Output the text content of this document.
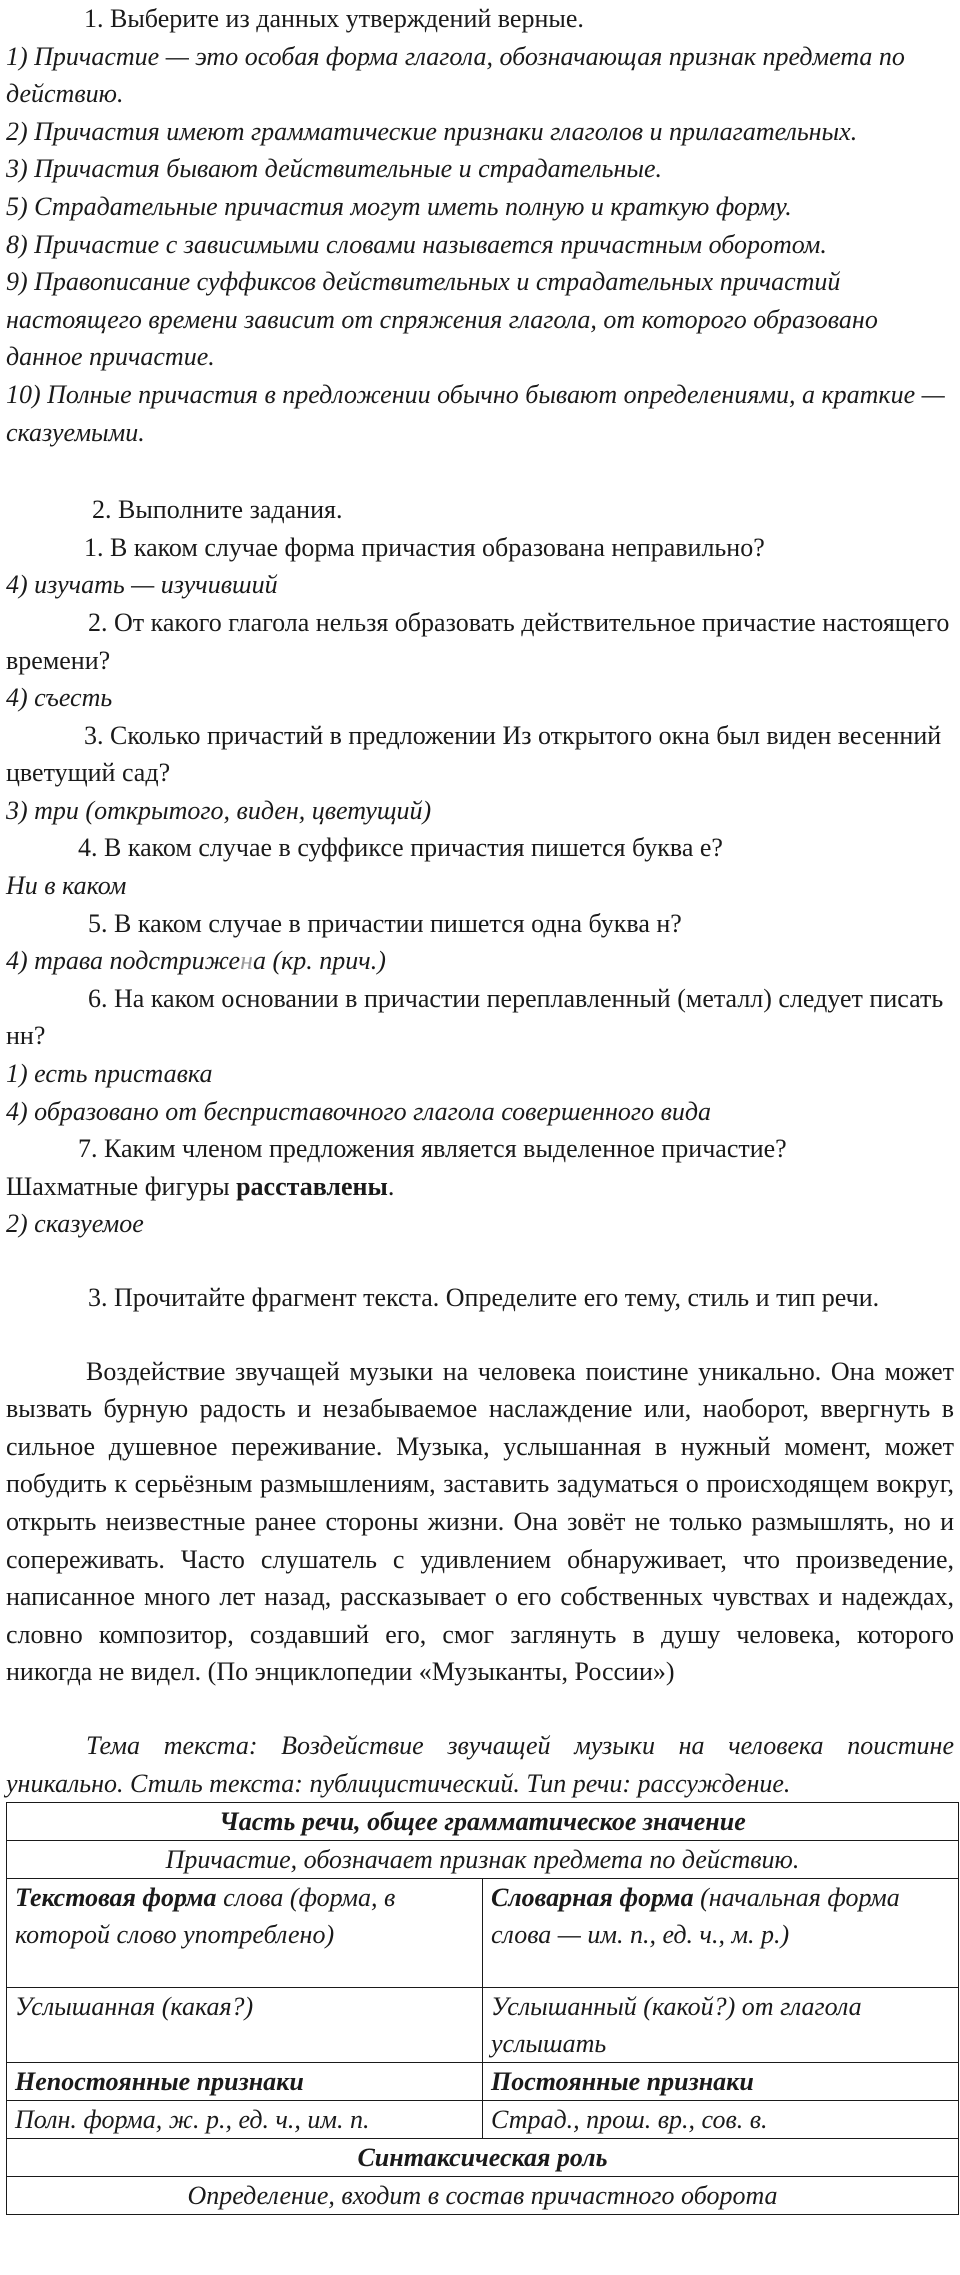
1. Выберите из данных утверждений верные.

1) Причастие — это особая форма глагола, обозначающая признак предмета по действию.

2) Причастия имеют грамматические признаки глаголов и прилагательных.

3) Причастия бывают действительные и страдательные.

5) Страдательные причастия могут иметь полную и краткую форму.

8) Причастие с зависимыми словами называется причастным оборотом.

9) Правописание суффиксов действительных и страдательных причастий настоящего времени зависит от спряжения глагола, от которого образовано данное причастие.

10) Полные причастия в предложении обычно бывают определениями, а краткие — сказуемыми.

2. Выполните задания.

1. В каком случае форма причастия образована неправильно?

4) изучать — изучивший

2. От какого глагола нельзя образовать действительное причастие настоящего времени?

4) съесть

3. Сколько причастий в предложении Из открытого окна был виден весенний цветущий сад?

3) три (открытого, виден, цветущий)

4. В каком случае в суффиксе причастия пишется буква е?

Ни в каком

5. В каком случае в причастии пишется одна буква н?

4) трава подстрижена (кр. прич.)

6. На каком основании в причастии переплавленный (металл) следует писать нн?

1) есть приставка

4) образовано от бесприставочного глагола совершенного вида

7. Каким членом предложения является выделенное причастие?

Шахматные фигуры расставлены.

2) сказуемое

3. Прочитайте фрагмент текста. Определите его тему, стиль и тип речи.

Воздействие звучащей музыки на человека поистине уникально. Она может вызвать бурную радость и незабываемое наслаждение или, наоборот, ввергнуть в сильное душевное переживание. Музыка, услышанная в нужный момент, может побудить к серьёзным размышлениям, заставить задуматься о происходящем вокруг, открыть неизвестные ранее стороны жизни. Она зовёт не только размышлять, но и сопереживать. Часто слушатель с удивлением обнаруживает, что произведение, написанное много лет назад, рассказывает о его собственных чувствах и надеждах, словно композитор, создавший его, смог заглянуть в душу человека, которого никогда не видел. (По энциклопедии «Музыканты, России»)

Тема текста: Воздействие звучащей музыки на человека поистине уникально. Стиль текста: публицистический. Тип речи: рассуждение.

Часть речи, общее грамматическое значение	
Причастие, обозначает признак предмета по действию.	
Текстовая форма слова (форма, в которой слово употреблено)	Словарная форма (начальная форма слова — им. п., ед. ч., м. р.)
Услышанная (какая?)	Услышанный (какой?) от глагола услышать
Непостоянные признаки	Постоянные признаки
Полн. форма, ж. р., ед. ч., им. п.	Страд., прош. вр., сов. в.
Синтаксическая роль	
Определение, входит в состав причастного оборота	
